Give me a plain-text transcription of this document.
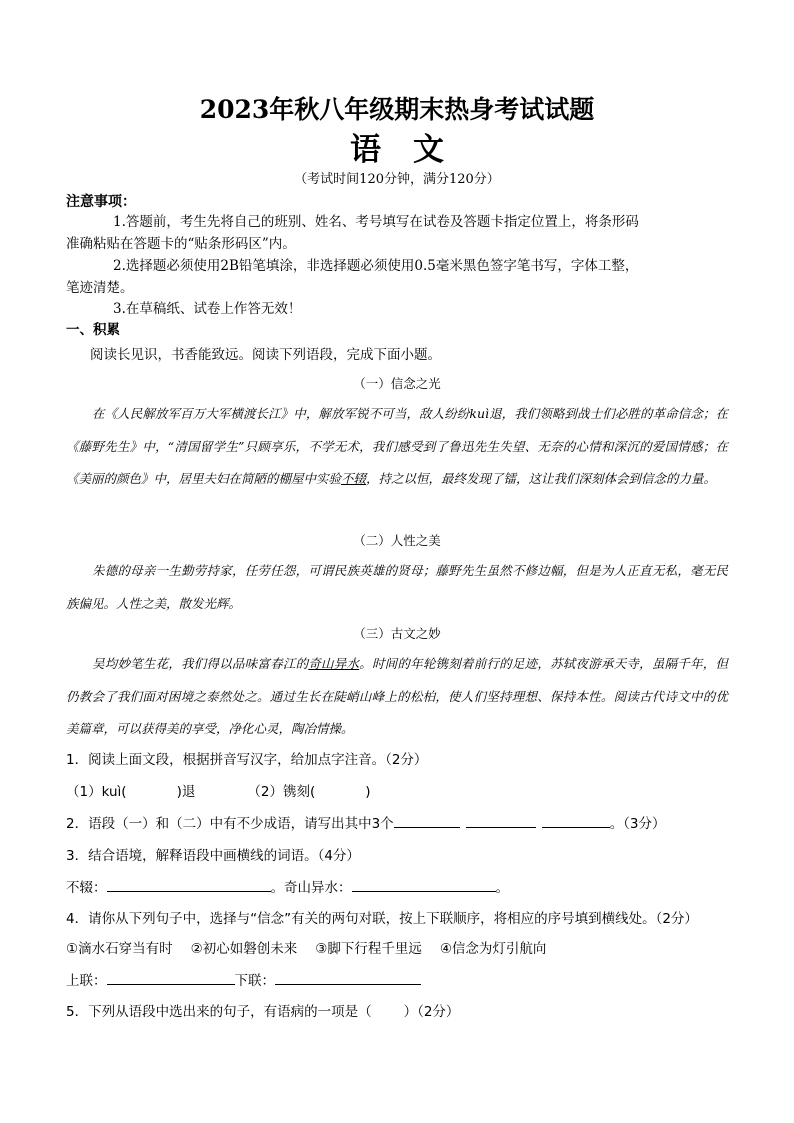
2023年秋八年级期末热身考试试题
语文
（考试时间120分钟，满分120分）
注意事项：
1.答题前，考生先将自己的班别、姓名、考号填写在试卷及答题卡指定位置上，将条形码
准确粘贴在答题卡的“贴条形码区”内。
2.选择题必须使用2B铅笔填涂，非选择题必须使用0.5毫米黑色签字笔书写，字体工整，
笔迹清楚。
3.在草稿纸、试卷上作答无效！
一、积累
阅读长见识，书香能致远。阅读下列语段，完成下面小题。
（一）信念之光
在《人民解放军百万大军横渡长江》中，解放军锐不可当，敌人纷纷kuì退，我们领略到战士们必胜的革命信念；在《藤野先生》中，“清国留学生”只顾享乐，不学无术，我们感受到了鲁迅先生失望、无奈的心情和深沉的爱国情感；在《美丽的颜色》中，居里夫妇在简陋的棚屋中实验不辍，持之以恒，最终发现了镭，这让我们深刻体会到信念的力量。
（二）人性之美
朱德的母亲一生勤劳持家，任劳任怨，可谓民族英雄的贤母；藤野先生虽然不修边幅，但是为人正直无私，毫无民族偏见。人性之美，散发光辉。
（三）古文之妙
吴均妙笔生花，我们得以品味富春江的奇山异水。时间的年轮镌刻着前行的足迹，苏轼夜游承天寺，虽隔千年，但仍教会了我们面对困境之泰然处之。通过生长在陡峭山峰上的松柏，使人们坚持理想、保持本性。阅读古代诗文中的优美篇章，可以获得美的享受，净化心灵，陶冶情操。
1．阅读上面文段，根据拼音写汉字，给加点字注音。（2分）
（1）kuì(	)退	（2）镌刻(	)
2．语段（一）和（二）中有不少成语，请写出其中3个	。（3分）
3．结合语境，解释语段中画横线的词语。（4分）
不辍：	。奇山异水：	。
4．请你从下列句子中，选择与“信念”有关的两句对联，按上下联顺序，将相应的序号填到横线处。（2分）
①滴水石穿当有时 ②初心如磐创未来 ③脚下行程千里远 ④信念为灯引航向
上联：	下联：
5．下列从语段中选出来的句子，有语病的一项是（ ）（2分）
